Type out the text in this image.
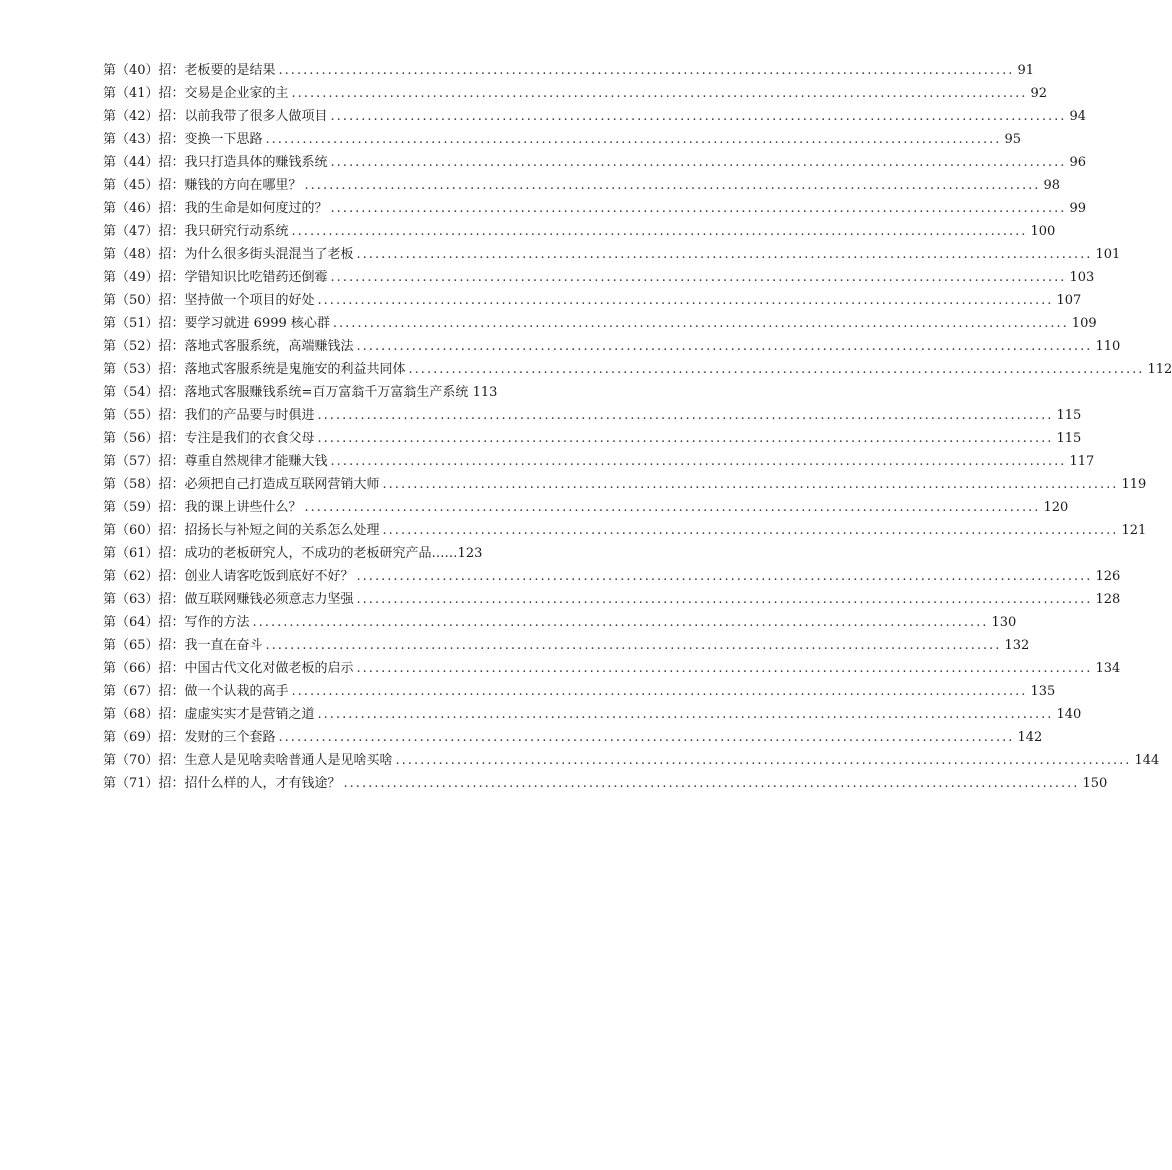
第（40）招：老板要的是结果 ........................................................................................................................ 91
第（41）招：交易是企业家的主 ........................................................................................................................ 92
第（42）招：以前我带了很多人做项目 ........................................................................................................................ 94
第（43）招：变换一下思路 ........................................................................................................................ 95
第（44）招：我只打造具体的赚钱系统 ........................................................................................................................ 96
第（45）招：赚钱的方向在哪里？ ........................................................................................................................ 98
第（46）招：我的生命是如何度过的？ ........................................................................................................................ 99
第（47）招：我只研究行动系统 ........................................................................................................................ 100
第（48）招：为什么很多街头混混当了老板 ........................................................................................................................ 101
第（49）招：学错知识比吃错药还倒霉 ........................................................................................................................ 103
第（50）招：坚持做一个项目的好处 ........................................................................................................................ 107
第（51）招：要学习就进 6999 核心群 ........................................................................................................................ 109
第（52）招：落地式客服系统，高端赚钱法 ........................................................................................................................ 110
第（53）招：落地式客服系统是鬼施安的利益共同体 ........................................................................................................................ 112
第（54）招：落地式客服赚钱系统=百万富翁千万富翁生产系统 113
第（55）招：我们的产品要与时俱进 ........................................................................................................................ 115
第（56）招：专注是我们的衣食父母 ........................................................................................................................ 115
第（57）招：尊重自然规律才能赚大钱 ........................................................................................................................ 117
第（58）招：必须把自己打造成互联网营销大师 ........................................................................................................................ 119
第（59）招：我的课上讲些什么？ ........................................................................................................................ 120
第（60）招：招扬长与补短之间的关系怎么处理 ........................................................................................................................ 121
第（61）招：成功的老板研究人，不成功的老板研究产品……123
第（62）招：创业人请客吃饭到底好不好？ ........................................................................................................................ 126
第（63）招：做互联网赚钱必须意志力坚强 ........................................................................................................................ 128
第（64）招：写作的方法 ........................................................................................................................ 130
第（65）招：我一直在奋斗 ........................................................................................................................ 132
第（66）招：中国古代文化对做老板的启示 ........................................................................................................................ 134
第（67）招：做一个认栽的高手 ........................................................................................................................ 135
第（68）招：虚虚实实才是营销之道 ........................................................................................................................ 140
第（69）招：发财的三个套路 ........................................................................................................................ 142
第（70）招：生意人是见啥卖啥普通人是见啥买啥 ........................................................................................................................ 144
第（71）招：招什么样的人，才有钱途？ ........................................................................................................................ 150
